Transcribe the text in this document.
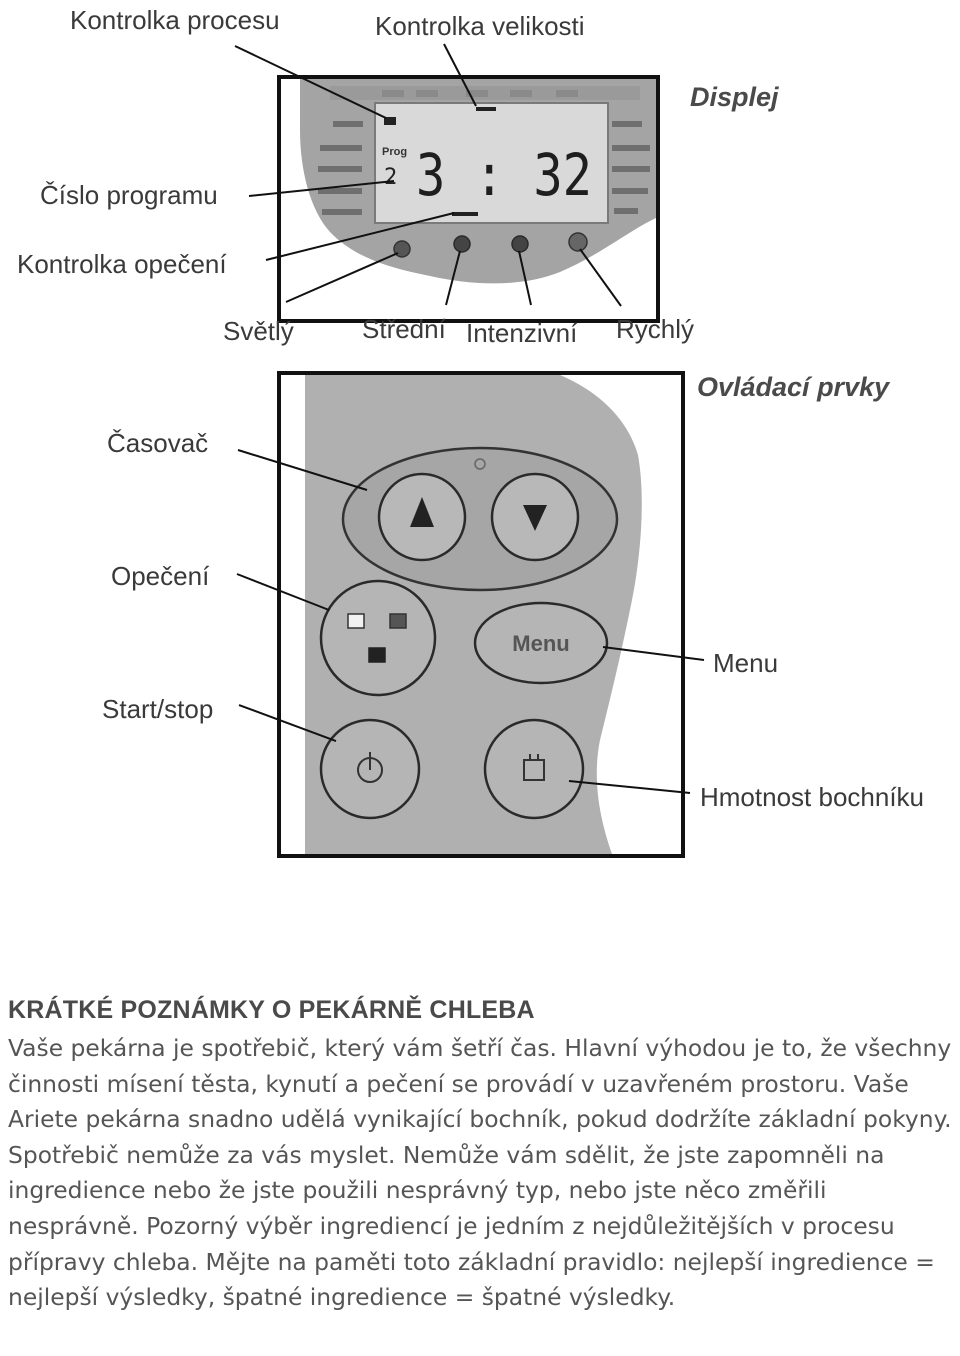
Prog
2 3 : 32
Kontrolka procesu	Kontrolka velikosti
Displej
Číslo programu
Kontrolka opečení
Světlý	Střední Intenzivní Rychlý
Menu
Ovládací prvky
Časovač
Opečení
Menu
Start/stop
Hmotnost bochníku
KRÁTKÉ POZNÁMKY O PEKÁRNĚ CHLEBA

Vaše pekárna je spotřebič, který vám šetří čas. Hlavní výhodou je to, že všechny činnosti mísení těsta, kynutí a pečení se provádí v uzavřeném prostoru. Vaše Ariete pekárna snadno udělá vynikající bochník, pokud dodržíte základní pokyny. Spotřebič nemůže za vás myslet. Nemůže vám sdělit, že jste zapomněli na ingredience nebo že jste použili nesprávný typ, nebo jste něco změřili nesprávně. Pozorný výběr ingrediencí je jedním z nejdůležitějších v procesu přípravy chleba. Mějte na paměti toto základní pravidlo: nejlepší ingredience = nejlepší výsledky, špatné ingredience = špatné výsledky.
